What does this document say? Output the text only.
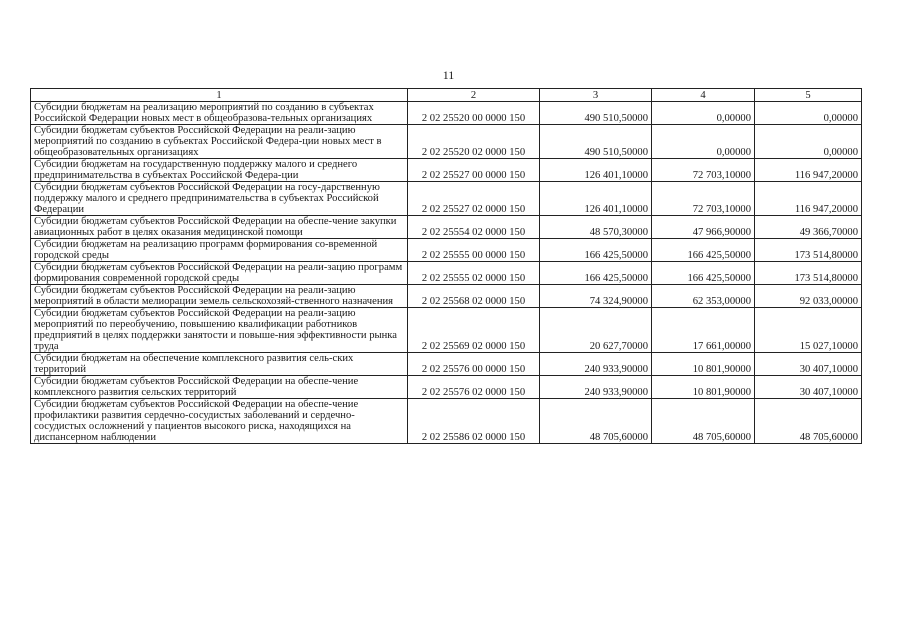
11
1	2	3	4	5
Субсидии бюджетам на реализацию мероприятий по созданию в субъектах Российской Федерации новых мест в общеобразова-тельных организациях	2 02 25520 00 0000 150	490 510,50000	0,00000	0,00000
Субсидии бюджетам субъектов Российской Федерации на реали-зацию мероприятий по созданию в субъектах Российской Федера-ции новых мест в общеобразовательных организациях	2 02 25520 02 0000 150	490 510,50000	0,00000	0,00000
Субсидии бюджетам на государственную поддержку малого и среднего предпринимательства в субъектах Российской Федера-ции	2 02 25527 00 0000 150	126 401,10000	72 703,10000	116 947,20000
Субсидии бюджетам субъектов Российской Федерации на госу-дарственную поддержку малого и среднего предпринимательства в субъектах Российской Федерации	2 02 25527 02 0000 150	126 401,10000	72 703,10000	116 947,20000
Субсидии бюджетам субъектов Российской Федерации на обеспе-чение закупки авиационных работ в целях оказания медицинской помощи	2 02 25554 02 0000 150	48 570,30000	47 966,90000	49 366,70000
Субсидии бюджетам на реализацию программ формирования со-временной городской среды	2 02 25555 00 0000 150	166 425,50000	166 425,50000	173 514,80000
Субсидии бюджетам субъектов Российской Федерации на реали-зацию программ формирования современной городской среды	2 02 25555 02 0000 150	166 425,50000	166 425,50000	173 514,80000
Субсидии бюджетам субъектов Российской Федерации на реали-зацию мероприятий в области мелиорации земель сельскохозяй-ственного назначения	2 02 25568 02 0000 150	74 324,90000	62 353,00000	92 033,00000
Субсидии бюджетам субъектов Российской Федерации на реали-зацию мероприятий по переобучению, повышению квалификации работников предприятий в целях поддержки занятости и повыше-ния эффективности рынка труда	2 02 25569 02 0000 150	20 627,70000	17 661,00000	15 027,10000
Субсидии бюджетам на обеспечение комплексного развития сель-ских территорий	2 02 25576 00 0000 150	240 933,90000	10 801,90000	30 407,10000
Субсидии бюджетам субъектов Российской Федерации на обеспе-чение комплексного развития сельских территорий	2 02 25576 02 0000 150	240 933,90000	10 801,90000	30 407,10000
Субсидии бюджетам субъектов Российской Федерации на обеспе-чение профилактики развития сердечно-сосудистых заболеваний и сердечно-сосудистых осложнений у пациентов высокого риска, находящихся на диспансерном наблюдении	2 02 25586 02 0000 150	48 705,60000	48 705,60000	48 705,60000
